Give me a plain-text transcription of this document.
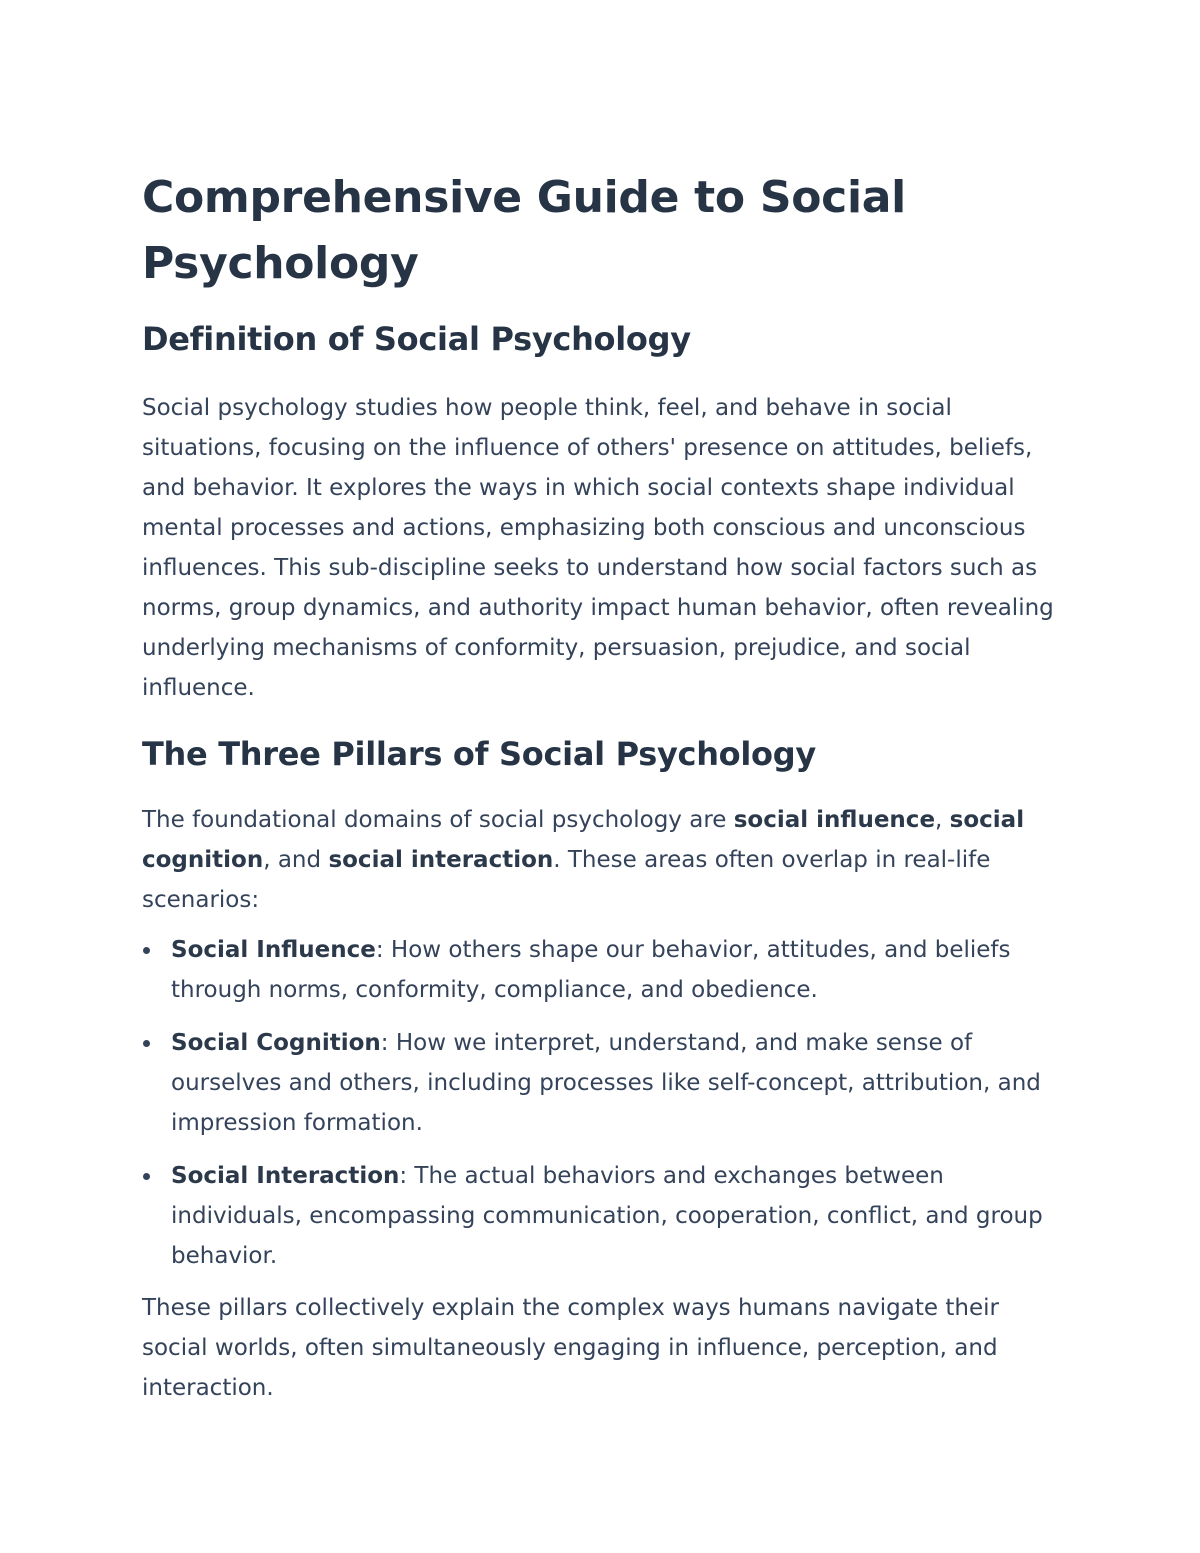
Comprehensive Guide to Social Psychology
Definition of Social Psychology

Social psychology studies how people think, feel, and behave in social situations, focusing on the influence of others' presence on attitudes, beliefs, and behavior. It explores the ways in which social contexts shape individual mental processes and actions, emphasizing both conscious and unconscious influences. This sub-discipline seeks to understand how social factors such as norms, group dynamics, and authority impact human behavior, often revealing underlying mechanisms of conformity, persuasion, prejudice, and social influence.

The Three Pillars of Social Psychology

The foundational domains of social psychology are social influence, social cognition, and social interaction. These areas often overlap in real-life scenarios:

Social Influence: How others shape our behavior, attitudes, and beliefs through norms, conformity, compliance, and obedience.
Social Cognition: How we interpret, understand, and make sense of ourselves and others, including processes like self-concept, attribution, and impression formation.
Social Interaction: The actual behaviors and exchanges between individuals, encompassing communication, cooperation, conflict, and group behavior.

These pillars collectively explain the complex ways humans navigate their social worlds, often simultaneously engaging in influence, perception, and interaction.
